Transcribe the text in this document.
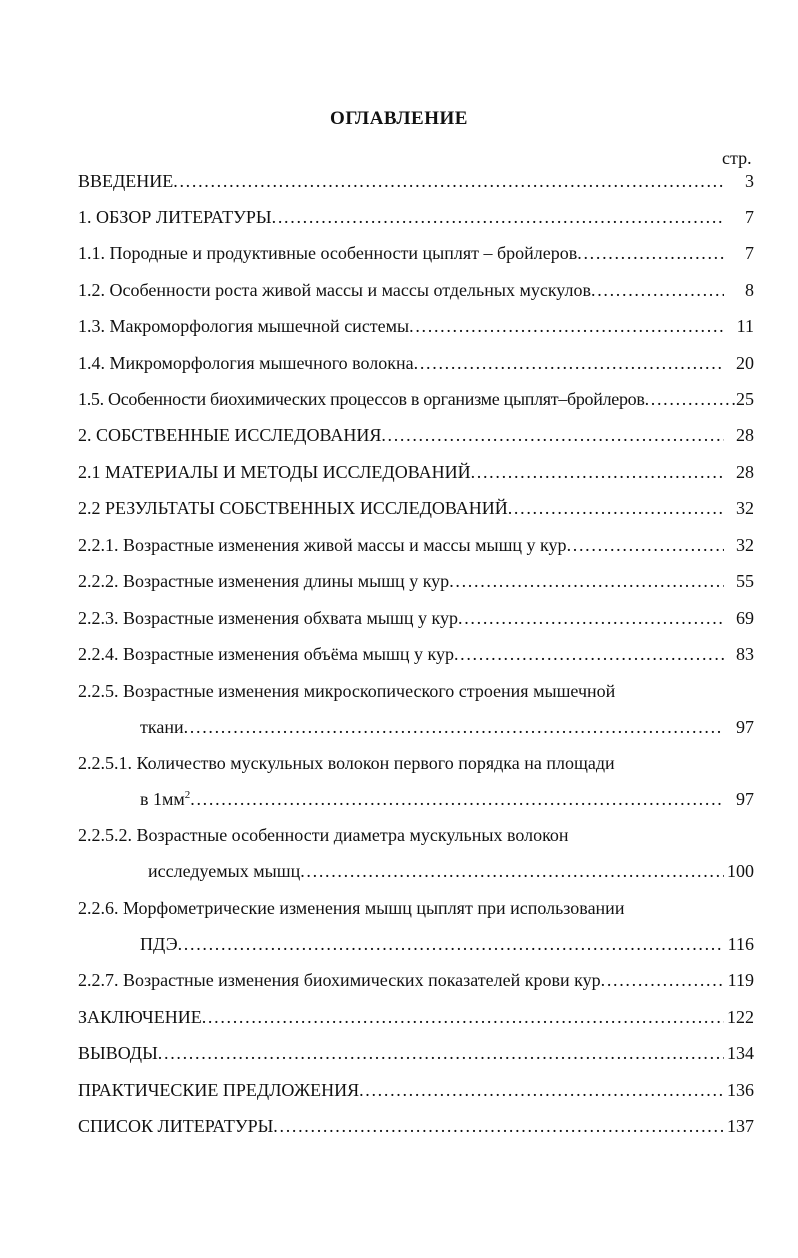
ОГЛАВЛЕНИЕ
стр.
ВВЕДЕНИЕ . . .	3
1. ОБЗОР ЛИТЕРАТУРЫ . . .	7
1.1. Породные и продуктивные особенности цыплят – бройлеров . . .	7
1.2. Особенности роста живой массы и массы отдельных мускулов . . .	8
1.3. Макроморфология мышечной системы . . .	11
1.4. Микроморфология мышечного волокна . . .	20
1.5. Особенности биохимических процессов в организме цыплят–бройлеров . . .	25
2. СОБСТВЕННЫЕ ИССЛЕДОВАНИЯ . . .	28
2.1 МАТЕРИАЛЫ И МЕТОДЫ ИССЛЕДОВАНИЙ . . .	28
2.2 РЕЗУЛЬТАТЫ СОБСТВЕННЫХ ИССЛЕДОВАНИЙ . . .	32
2.2.1. Возрастные изменения живой массы и массы мышц у кур . . .	32
2.2.2. Возрастные изменения длины мышц у кур . . .	55
2.2.3. Возрастные изменения обхвата мышц у кур . . .	69
2.2.4. Возрастные изменения объёма мышц у кур . . .	83
2.2.5. Возрастные изменения микроскопического строения мышечной
ткани . . .	97
2.2.5.1. Количество мускульных волокон первого порядка на площади
в $1мм^2$ . . .	97
2.2.5.2. Возрастные особенности диаметра мускульных волокон
исследуемых мышц . . .	100
2.2.6. Морфометрические изменения мышц цыплят при использовании
ПДЭ . . .	116
2.2.7. Возрастные изменения биохимических показателей крови кур . . .	119
ЗАКЛЮЧЕНИЕ . . .	122
ВЫВОДЫ . . .	134
ПРАКТИЧЕСКИЕ ПРЕДЛОЖЕНИЯ . . .	136
СПИСОК ЛИТЕРАТУРЫ . . .	137
